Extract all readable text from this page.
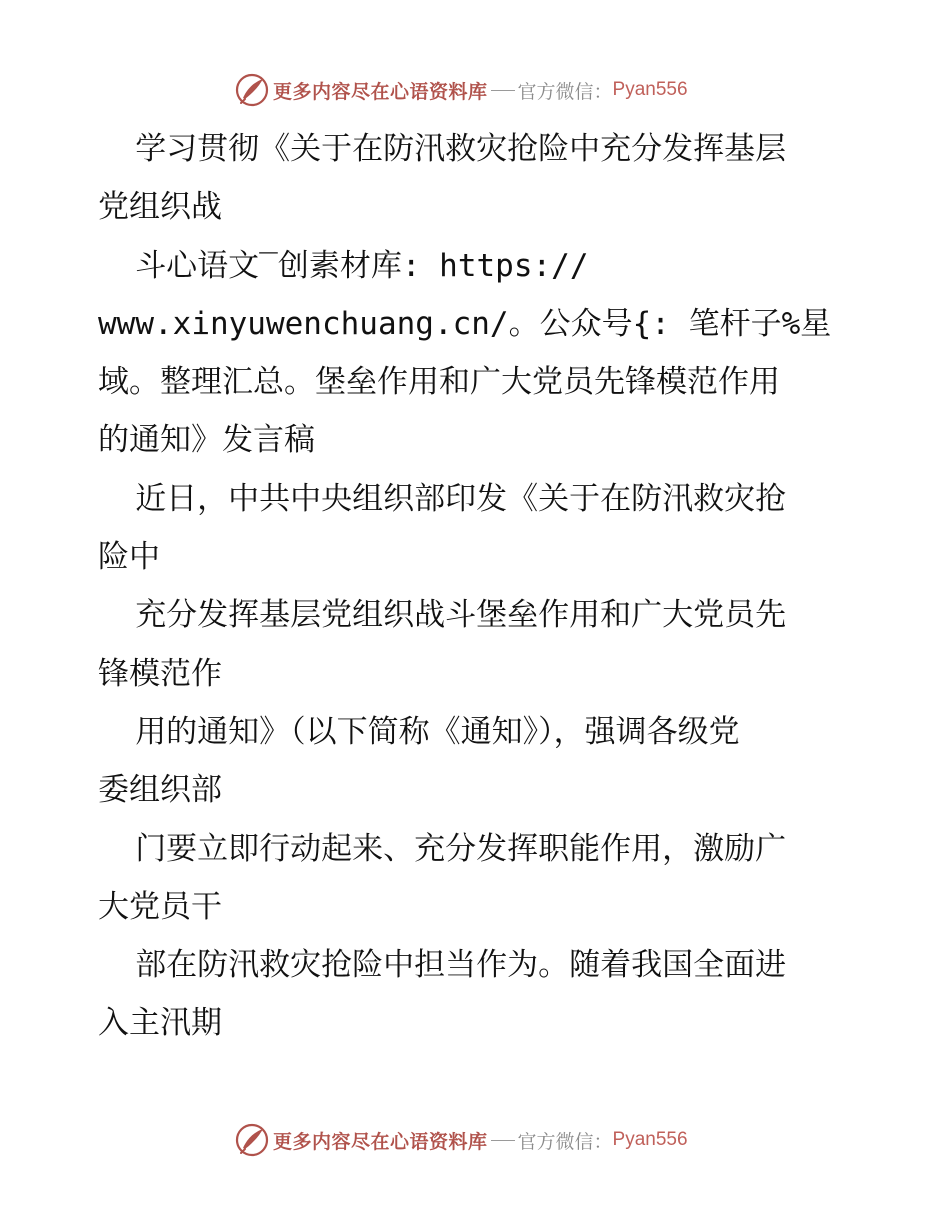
更多内容尽在心语资料库 官方微信： Pyan556

学习贯彻《关于在防汛救灾抢险中充分发挥基层

党组织战

斗心语文‾创素材库: https://

www.xinyuwenchuang.cn/。公众号{: 笔杆子%星

域。整理汇总。堡垒作用和广大党员先锋模范作用

的通知》发言稿

近日，中共中央组织部印发《关于在防汛救灾抢

险中

充分发挥基层党组织战斗堡垒作用和广大党员先

锋模范作

用的通知》（以下简称《通知》），强调各级党

委组织部

门要立即行动起来、充分发挥职能作用，激励广

大党员干

部在防汛救灾抢险中担当作为。随着我国全面进

入主汛期

更多内容尽在心语资料库 官方微信： Pyan556
